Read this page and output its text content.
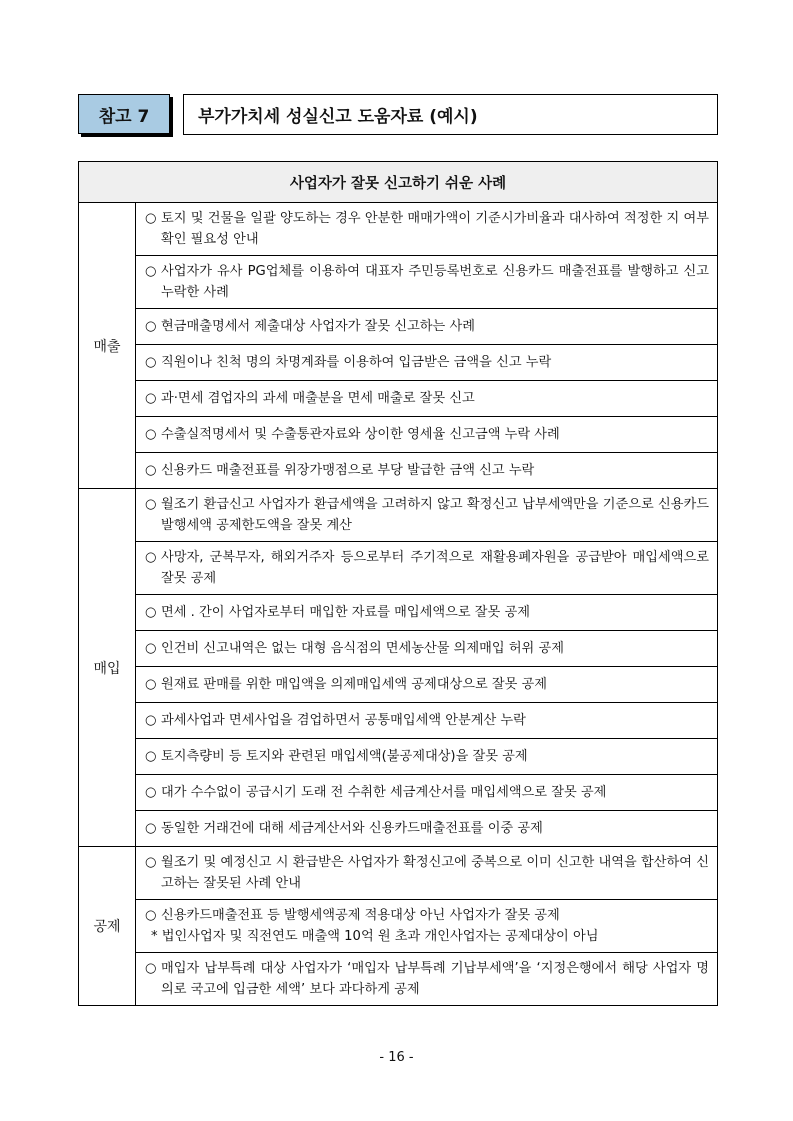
참고 7	부가가치세 성실신고 도움자료 (예시)
사업자가 잘못 신고하기 쉬운 사례	
매출	○ 토지 및 건물을 일괄 양도하는 경우 안분한 매매가액이 기준시가비율과 대사하여 적정한 지 여부 확인 필요성 안내

	○ 사업자가 유사 PG업체를 이용하여 대표자 주민등록번호로 신용카드 매출전표를 발행하고 신고 누락한 사례

	○ 현금매출명세서 제출대상 사업자가 잘못 신고하는 사례

	○ 직원이나 친척 명의 차명계좌를 이용하여 입금받은 금액을 신고 누락

	○ 과·면세 겸업자의 과세 매출분을 면세 매출로 잘못 신고

	○ 수출실적명세서 및 수출통관자료와 상이한 영세율 신고금액 누락 사례

	○ 신용카드 매출전표를 위장가맹점으로 부당 발급한 금액 신고 누락

매입	○ 월조기 환급신고 사업자가 환급세액을 고려하지 않고 확정신고 납부세액만을 기준으로 신용카드 발행세액 공제한도액을 잘못 계산

	○ 사망자, 군복무자, 해외거주자 등으로부터 주기적으로 재활용폐자원을 공급받아 매입세액으로 잘못 공제

	○ 면세 . 간이 사업자로부터 매입한 자료를 매입세액으로 잘못 공제

	○ 인건비 신고내역은 없는 대형 음식점의 면세농산물 의제매입 허위 공제

	○ 원재료 판매를 위한 매입액을 의제매입세액 공제대상으로 잘못 공제

	○ 과세사업과 면세사업을 겸업하면서 공통매입세액 안분계산 누락

	○ 토지측량비 등 토지와 관련된 매입세액(불공제대상)을 잘못 공제

	○ 대가 수수없이 공급시기 도래 전 수취한 세금계산서를 매입세액으로 잘못 공제

	○ 동일한 거래건에 대해 세금계산서와 신용카드매출전표를 이중 공제

공제	○ 월조기 및 예정신고 시 환급받은 사업자가 확정신고에 중복으로 이미 신고한 내역을 합산하여 신고하는 잘못된 사례 안내

	○ 신용카드매출전표 등 발행세액공제 적용대상 아닌 사업자가 잘못 공제
* 법인사업자 및 직전연도 매출액 10억 원 초과 개인사업자는 공제대상이 아님

	○ 매입자 납부특례 대상 사업자가 ‘매입자 납부특례 기납부세액’을 ‘지정은행에서 해당 사업자 명의로 국고에 입금한 세액’ 보다 과다하게 공제
- 16 -
